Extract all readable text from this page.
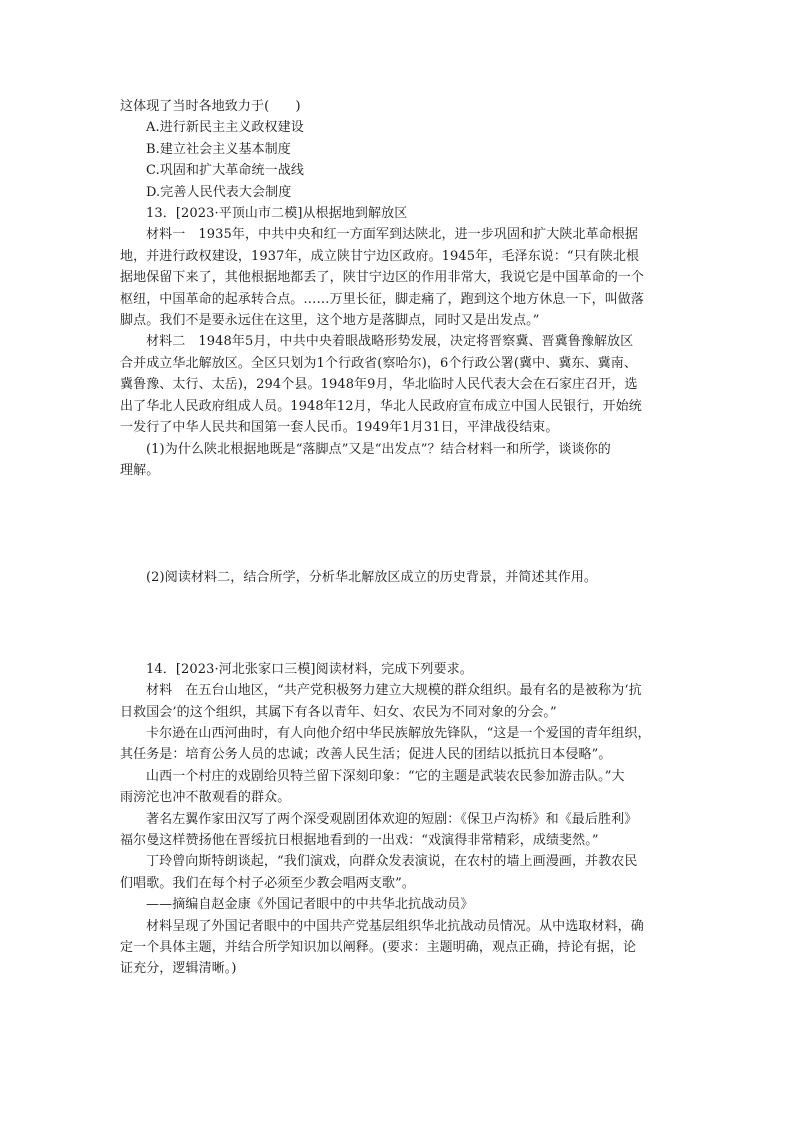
这体现了当时各地致力于(　　)

A.进行新民主主义政权建设

B.建立社会主义基本制度

C.巩固和扩大革命统一战线

D.完善人民代表大会制度

13．[2023·平顶山市二模]从根据地到解放区

材料一　1935年，中共中央和红一方面军到达陕北，进一步巩固和扩大陕北革命根据

地，并进行政权建设，1937年，成立陕甘宁边区政府。1945年，毛泽东说：“只有陕北根

据地保留下来了，其他根据地都丢了，陕甘宁边区的作用非常大，我说它是中国革命的一个

枢纽，中国革命的起承转合点。……万里长征，脚走痛了，跑到这个地方休息一下，叫做落

脚点。我们不是要永远住在这里，这个地方是落脚点，同时又是出发点。”

材料二　1948年5月，中共中央着眼战略形势发展，决定将晋察冀、晋冀鲁豫解放区

合并成立华北解放区。全区只划为1个行政省(察哈尔)，6个行政公署(冀中、冀东、冀南、

冀鲁豫、太行、太岳)，294个县。1948年9月，华北临时人民代表大会在石家庄召开，选

出了华北人民政府组成人员。1948年12月，华北人民政府宣布成立中国人民银行，开始统

一发行了中华人民共和国第一套人民币。1949年1月31日，平津战役结束。

(1)为什么陕北根据地既是“落脚点”又是“出发点”？结合材料一和所学，谈谈你的

理解。

(2)阅读材料二，结合所学，分析华北解放区成立的历史背景，并简述其作用。

14．[2023·河北张家口三模]阅读材料，完成下列要求。

材料　在五台山地区，“共产党积极努力建立大规模的群众组织。最有名的是被称为‘抗

日救国会’的这个组织，其属下有各以青年、妇女、农民为不同对象的分会。”

卡尔逊在山西河曲时，有人向他介绍中华民族解放先锋队，“这是一个爱国的青年组织，

其任务是：培育公务人员的忠诚；改善人民生活；促进人民的团结以抵抗日本侵略”。

山西一个村庄的戏剧给贝特兰留下深刻印象：“它的主题是武装农民参加游击队。”大

雨滂沱也冲不散观看的群众。

著名左翼作家田汉写了两个深受观剧团体欢迎的短剧：《保卫卢沟桥》和《最后胜利》

福尔曼这样赞扬他在晋绥抗日根据地看到的一出戏：“戏演得非常精彩，成绩斐然。”

丁玲曾向斯特朗谈起，“我们演戏，向群众发表演说，在农村的墙上画漫画，并教农民

们唱歌。我们在每个村子必须至少教会唱两支歌”。

——摘编自赵金康《外国记者眼中的中共华北抗战动员》

材料呈现了外国记者眼中的中国共产党基层组织华北抗战动员情况。从中选取材料，确

定一个具体主题，并结合所学知识加以阐释。(要求：主题明确，观点正确，持论有据，论

证充分，逻辑清晰。)
